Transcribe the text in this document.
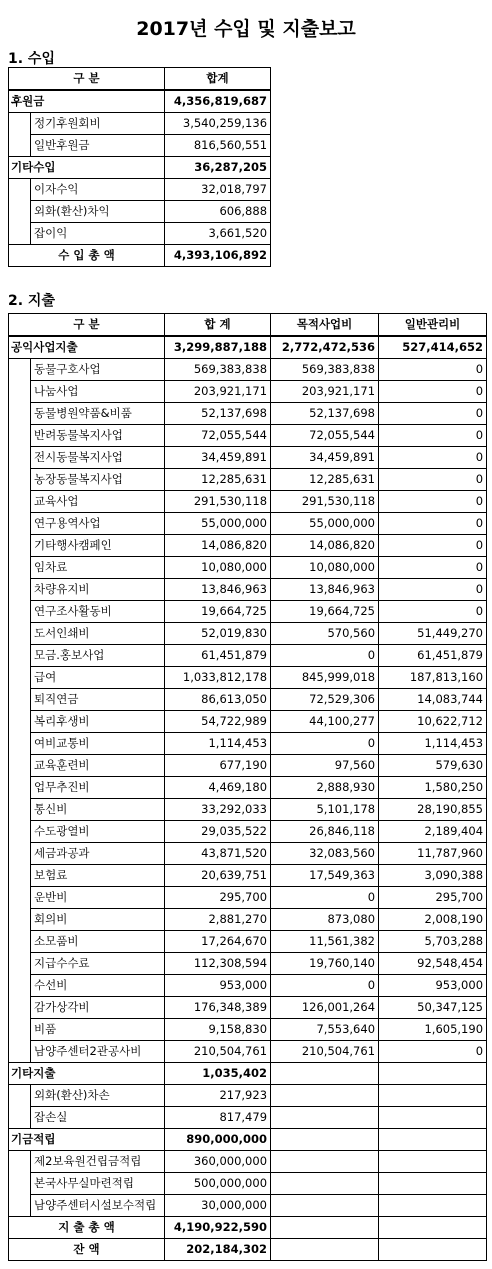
2017년 수입 및 지출보고
1. 수입
구 분		합계
후원금		4,356,819,687
	정기후원회비	3,540,259,136
	일반후원금	816,560,551
기타수입		36,287,205
	이자수익	32,018,797
	외화(환산)차익	606,888
	잡이익	3,661,520
수 입 총 액		4,393,106,892
2. 지출
구 분		합 계	목적사업비	일반관리비
공익사업지출		3,299,887,188	2,772,472,536	527,414,652
	동물구호사업	569,383,838	569,383,838	0
	나눔사업	203,921,171	203,921,171	0
	동물병원약품&비품	52,137,698	52,137,698	0
	반려동물복지사업	72,055,544	72,055,544	0
	전시동물복지사업	34,459,891	34,459,891	0
	농장동물복지사업	12,285,631	12,285,631	0
	교육사업	291,530,118	291,530,118	0
	연구용역사업	55,000,000	55,000,000	0
	기타행사캠페인	14,086,820	14,086,820	0
	임차료	10,080,000	10,080,000	0
	차량유지비	13,846,963	13,846,963	0
	연구조사활동비	19,664,725	19,664,725	0
	도서인쇄비	52,019,830	570,560	51,449,270
	모금.홍보사업	61,451,879	0	61,451,879
	급여	1,033,812,178	845,999,018	187,813,160
	퇴직연금	86,613,050	72,529,306	14,083,744
	복리후생비	54,722,989	44,100,277	10,622,712
	여비교통비	1,114,453	0	1,114,453
	교육훈련비	677,190	97,560	579,630
	업무추진비	4,469,180	2,888,930	1,580,250
	통신비	33,292,033	5,101,178	28,190,855
	수도광열비	29,035,522	26,846,118	2,189,404
	세금과공과	43,871,520	32,083,560	11,787,960
	보험료	20,639,751	17,549,363	3,090,388
	운반비	295,700	0	295,700
	회의비	2,881,270	873,080	2,008,190
	소모품비	17,264,670	11,561,382	5,703,288
	지급수수료	112,308,594	19,760,140	92,548,454
	수선비	953,000	0	953,000
	감가상각비	176,348,389	126,001,264	50,347,125
	비품	9,158,830	7,553,640	1,605,190
	남양주센터2관공사비	210,504,761	210,504,761	0
기타지출		1,035,402		
	외화(환산)차손	217,923		
	잡손실	817,479		
기금적립		890,000,000		
	제2보육원건립금적립	360,000,000		
	본국사무실마련적립	500,000,000		
	남양주센터시설보수적립	30,000,000		
지 출 총 액		4,190,922,590		
잔 액		202,184,302		
